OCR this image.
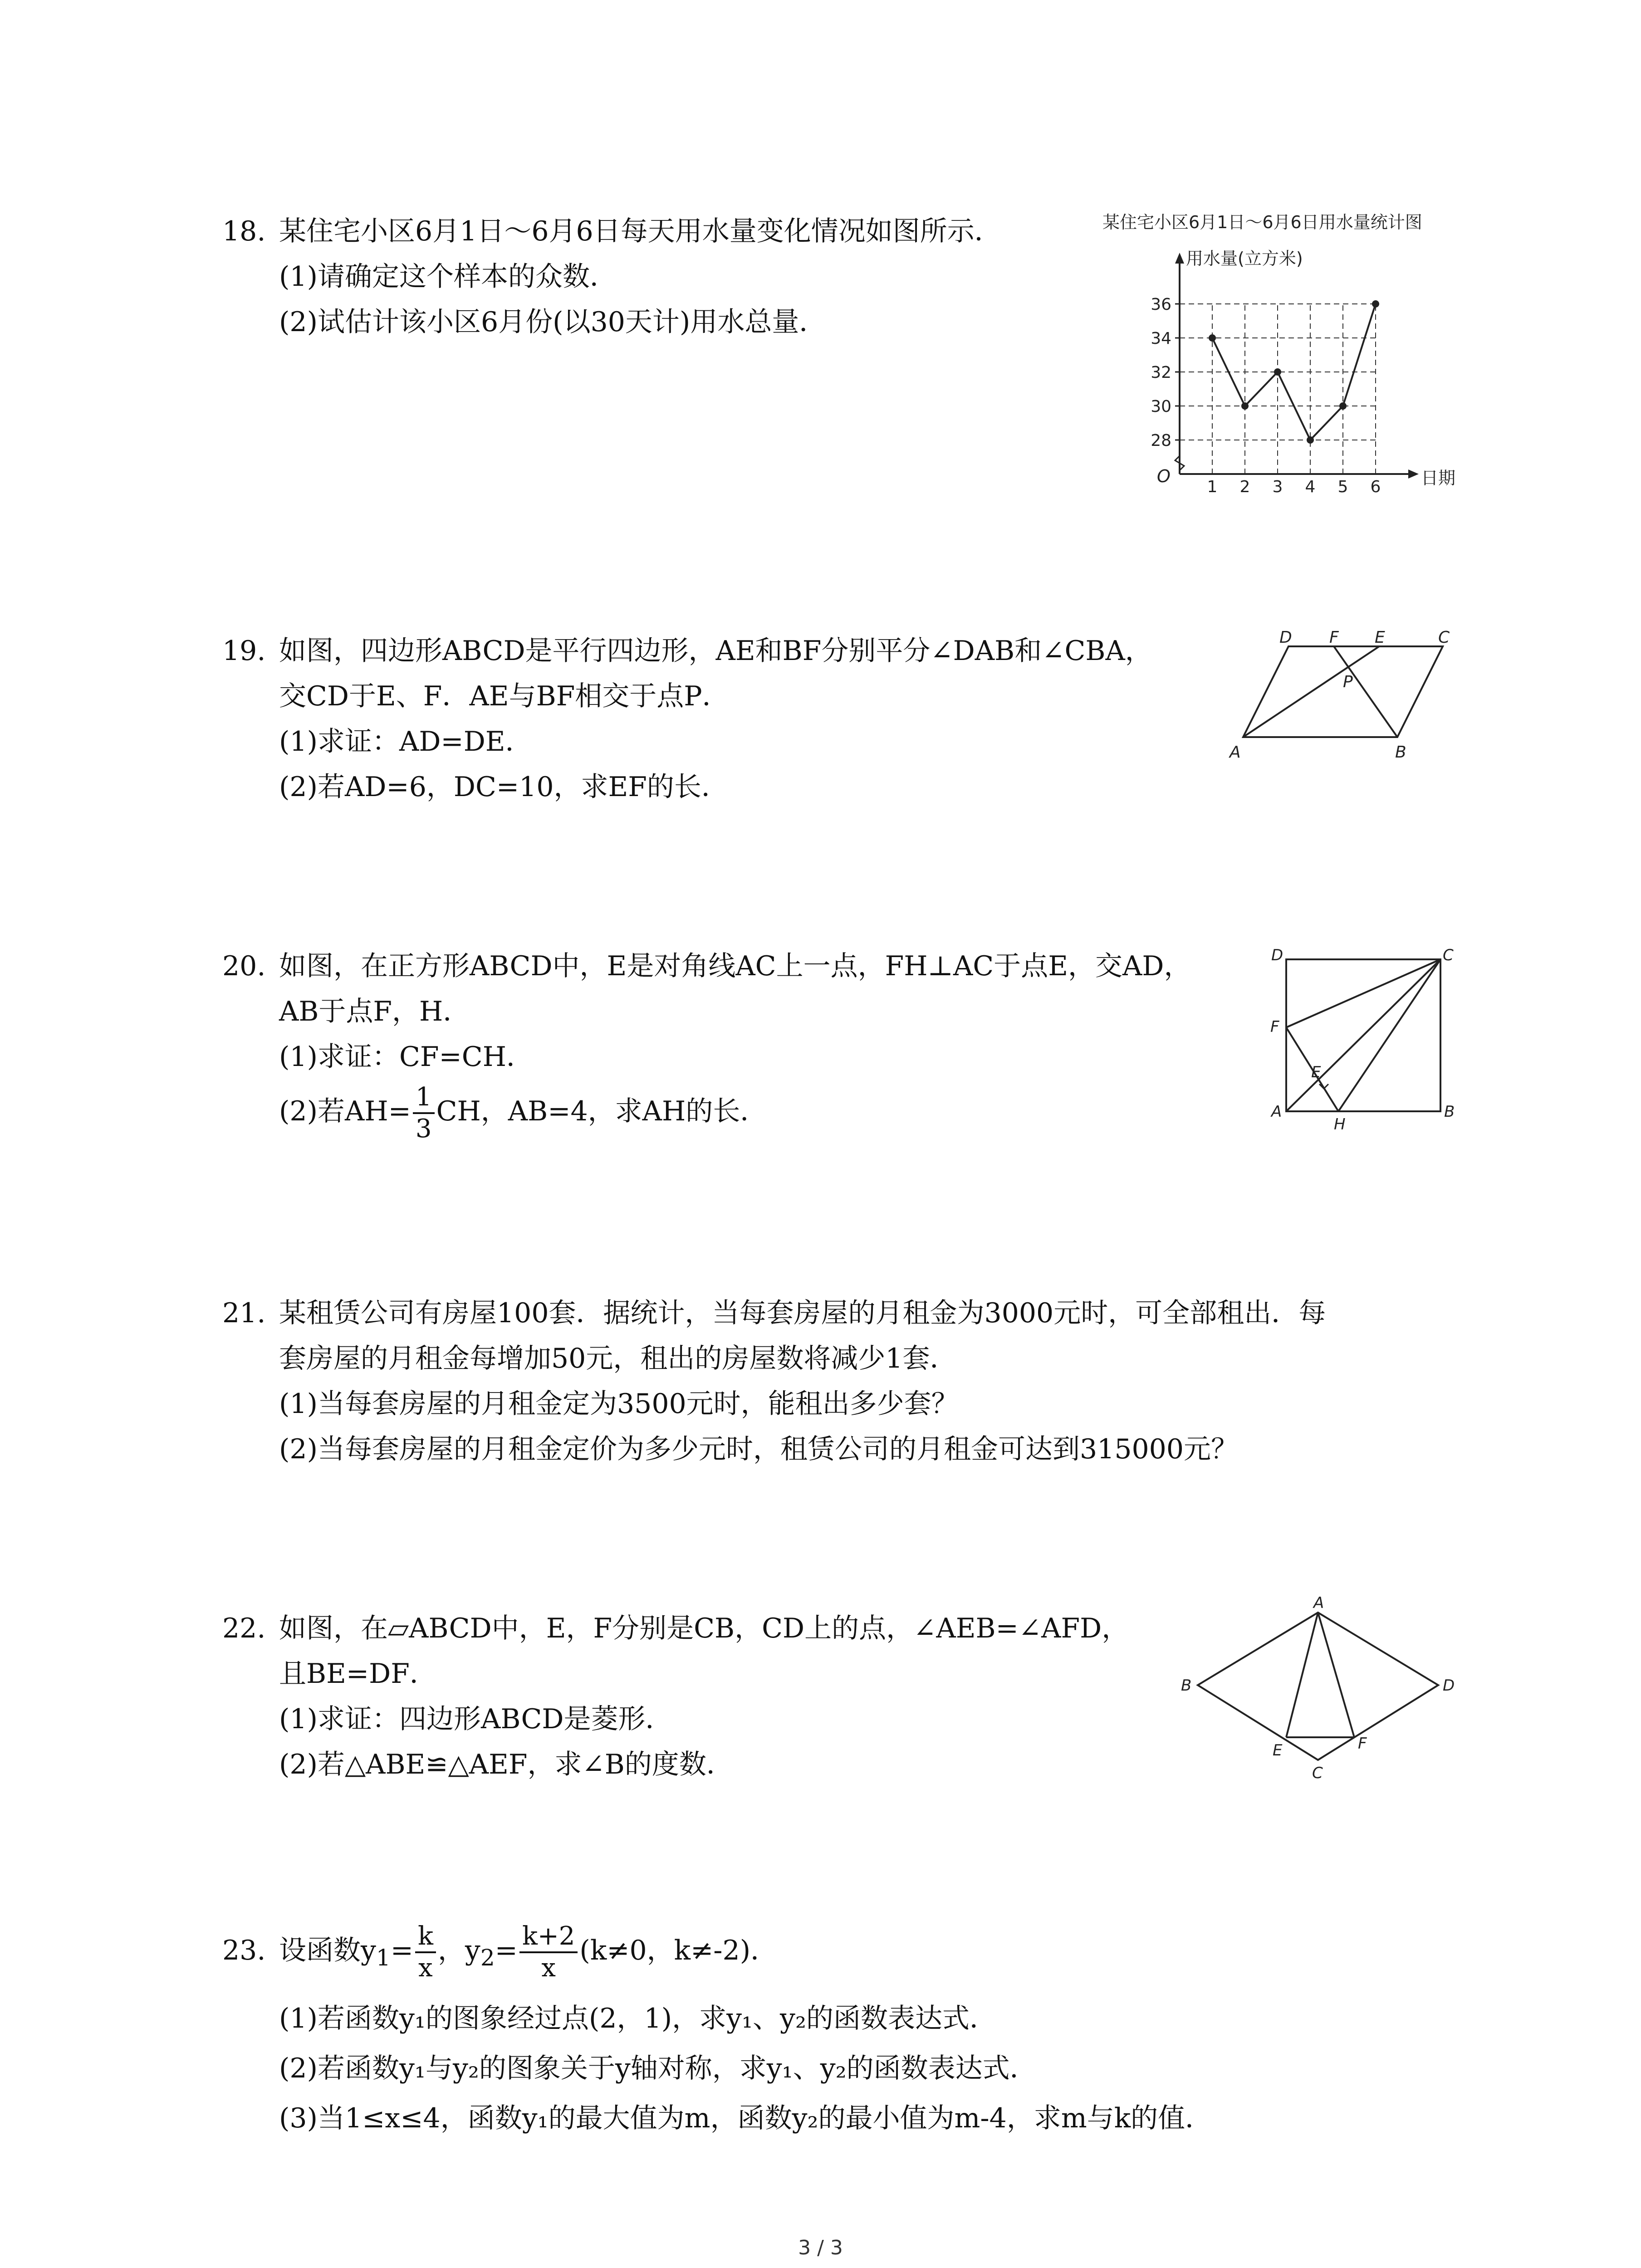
18. 某住宅小区6月1日～6月6日每天用水量变化情况如图所示．
(1)请确定这个样本的众数．
(2)试估计该小区6月份(以30天计)用水总量．
某住宅小区6月1日～6月6日用水量统计图
用水量(立方米)
日期
O
28
30
32
34
36
1 2 3 4 5 6
19. 如图，四边形ABCD是平行四边形，AE和BF分别平分∠DAB和∠CBA，
交CD于E、F．AE与BF相交于点P．
(1)求证：AD=DE．
(2)若AD=6，DC=10，求EF的长．
A	B
C
D	E
F
P
20. 如图，在正方形ABCD中，E是对角线AC上一点，FH⊥AC于点E，交AD，
AB于点F，H．
(1)求证：CF=CH．
(2)若$AH= \frac{1}{3}$ CH，AB=4，求AH的长．	A	B
C
D
E
F
H
21. 某租赁公司有房屋100套．据统计，当每套房屋的月租金为3000元时，可全部租出．每
套房屋的月租金每增加50元，租出的房屋数将减少1套．
(1)当每套房屋的月租金定为3500元时，能租出多少套？
(2)当每套房屋的月租金定价为多少元时，租赁公司的月租金可达到315000元？
22. 如图，在▱ABCD中，E，F分别是CB，CD上的点，∠AEB=∠AFD，
且BE=DF．
(1)求证：四边形ABCD是菱形．
(2)若△ABE≌△AEF，求∠B的度数．
A
B
C
D
E	F
23. 设函数$y_1= \frac{k}{x}$ ，$y_2= \frac{k+2}{x} (k\ne 0$，k≠-2)．
(1)若函数y₁的图象经过点(2，1)，求y₁、y₂的函数表达式．
(2)若函数y₁与y₂的图象关于y轴对称，求y₁、y₂的函数表达式．
(3)当1≤x≤4，函数y₁的最大值为m，函数y₂的最小值为m-4，求m与k的值．
3 / 3
